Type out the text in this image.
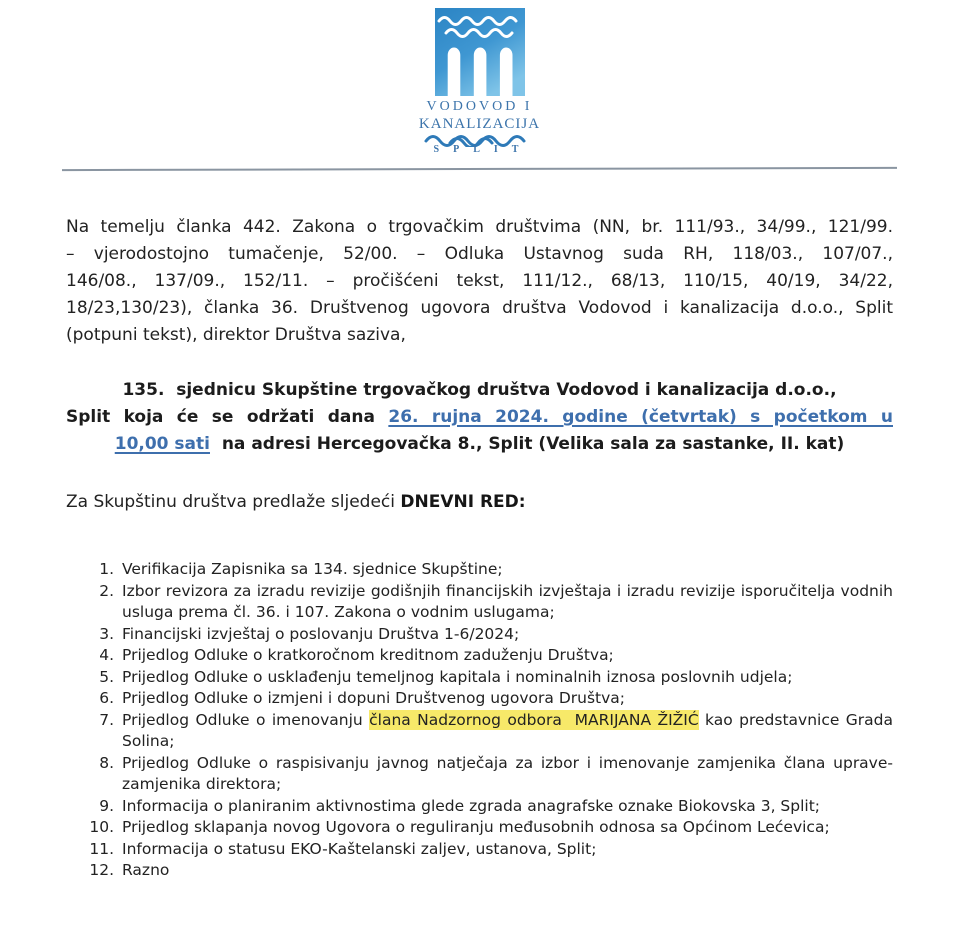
VODOVOD I
KANALIZACIJA
SPLIT
Na temelju članka 442. Zakona o trgovačkim društvima (NN, br. 111/93., 34/99., 121/99.
– vjerodostojno tumačenje, 52/00. – Odluka Ustavnog suda RH, 118/03., 107/07.,
146/08., 137/09., 152/11. – pročišćeni tekst, 111/12., 68/13, 110/15, 40/19, 34/22,
18/23,130/23), članka 36. Društvenog ugovora društva Vodovod i kanalizacija d.o.o., Split
(potpuni tekst), direktor Društva saziva,
135.  sjednicu Skupštine trgovačkog društva Vodovod i kanalizacija d.o.o.,
Split koja će se održati dana 26. rujna 2024. godine (četvrtak) s početkom u
10,00 sati  na adresi Hercegovačka 8., Split (Velika sala za sastanke, II. kat)
Za Skupštinu društva predlaže sljedeći DNEVNI RED:
1. Verifikacija Zapisnika sa 134. sjednice Skupštine;
2. Izbor revizora za izradu revizije godišnjih financijskih izvještaja i izradu revizije isporučitelja vodnih usluga prema čl. 36. i 107. Zakona o vodnim uslugama;
3. Financijski izvještaj o poslovanju Društva 1-6/2024;
4. Prijedlog Odluke o kratkoročnom kreditnom zaduženju Društva;
5. Prijedlog Odluke o usklađenju temeljnog kapitala i nominalnih iznosa poslovnih udjela;
6. Prijedlog Odluke o izmjeni i dopuni Društvenog ugovora Društva;
7. Prijedlog Odluke o imenovanju člana Nadzornog odbora  MARIJANA ŽIŽIĆ kao predstavnice Grada Solina;
8. Prijedlog Odluke o raspisivanju javnog natječaja za izbor i imenovanje zamjenika člana uprave-zamjenika direktora;
9. Informacija o planiranim aktivnostima glede zgrada anagrafske oznake Biokovska 3, Split;
10. Prijedlog sklapanja novog Ugovora o reguliranju međusobnih odnosa sa Općinom Lećevica;
11. Informacija o statusu EKO-Kaštelanski zaljev, ustanova, Split;
12. Razno
